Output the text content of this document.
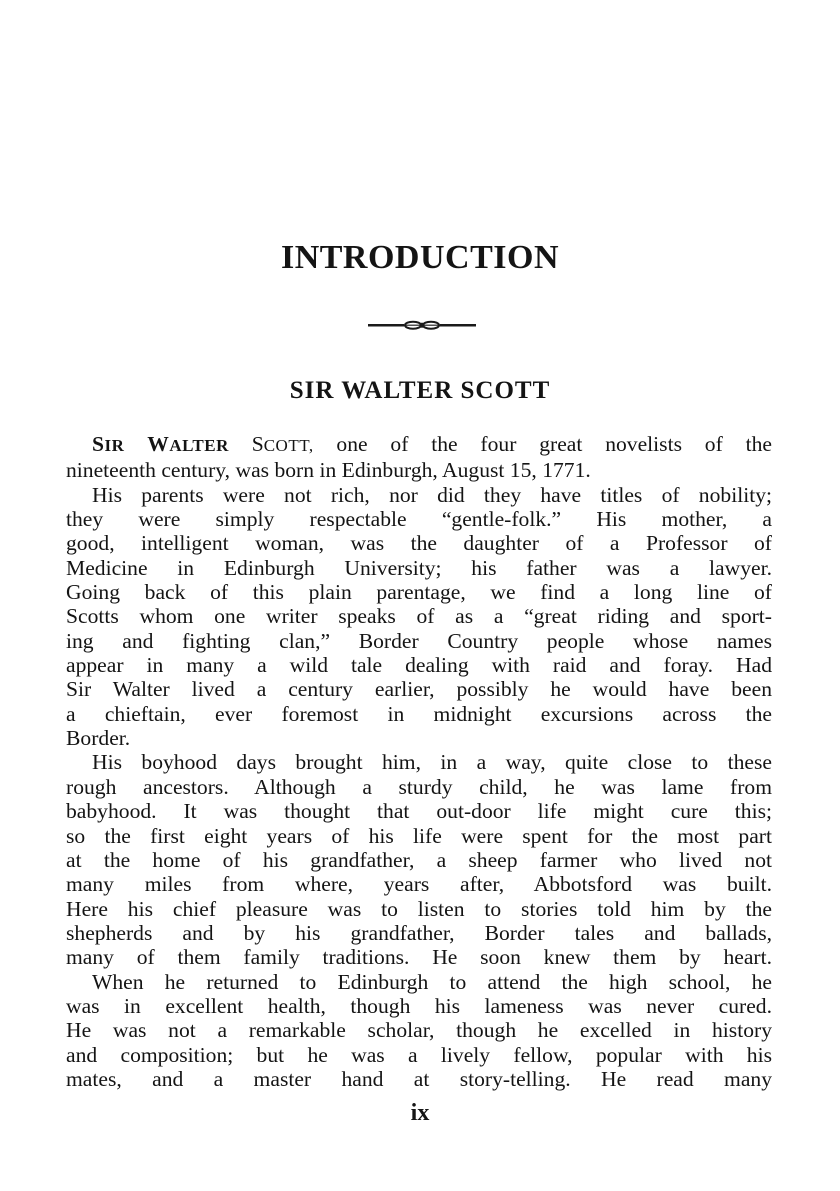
INTRODUCTION
SIR WALTER SCOTT
SIR WALTER SCOTT, one of the four great novelists of the
nineteenth century, was born in Edinburgh, August 15, 1771.
His parents were not rich, nor did they have titles of nobility;
they were simply respectable “gentle-folk.” His mother, a
good, intelligent woman, was the daughter of a Professor of
Medicine in Edinburgh University; his father was a lawyer.
Going back of this plain parentage, we find a long line of
Scotts whom one writer speaks of as a “great riding and sport-
ing and fighting clan,” Border Country people whose names
appear in many a wild tale dealing with raid and foray. Had
Sir Walter lived a century earlier, possibly he would have been
a chieftain, ever foremost in midnight excursions across the
Border.
His boyhood days brought him, in a way, quite close to these
rough ancestors. Although a sturdy child, he was lame from
babyhood. It was thought that out-door life might cure this;
so the first eight years of his life were spent for the most part
at the home of his grandfather, a sheep farmer who lived not
many miles from where, years after, Abbotsford was built.
Here his chief pleasure was to listen to stories told him by the
shepherds and by his grandfather, Border tales and ballads,
many of them family traditions. He soon knew them by heart.
When he returned to Edinburgh to attend the high school, he
was in excellent health, though his lameness was never cured.
He was not a remarkable scholar, though he excelled in history
and composition; but he was a lively fellow, popular with his
mates, and a master hand at story-telling. He read many

ix
